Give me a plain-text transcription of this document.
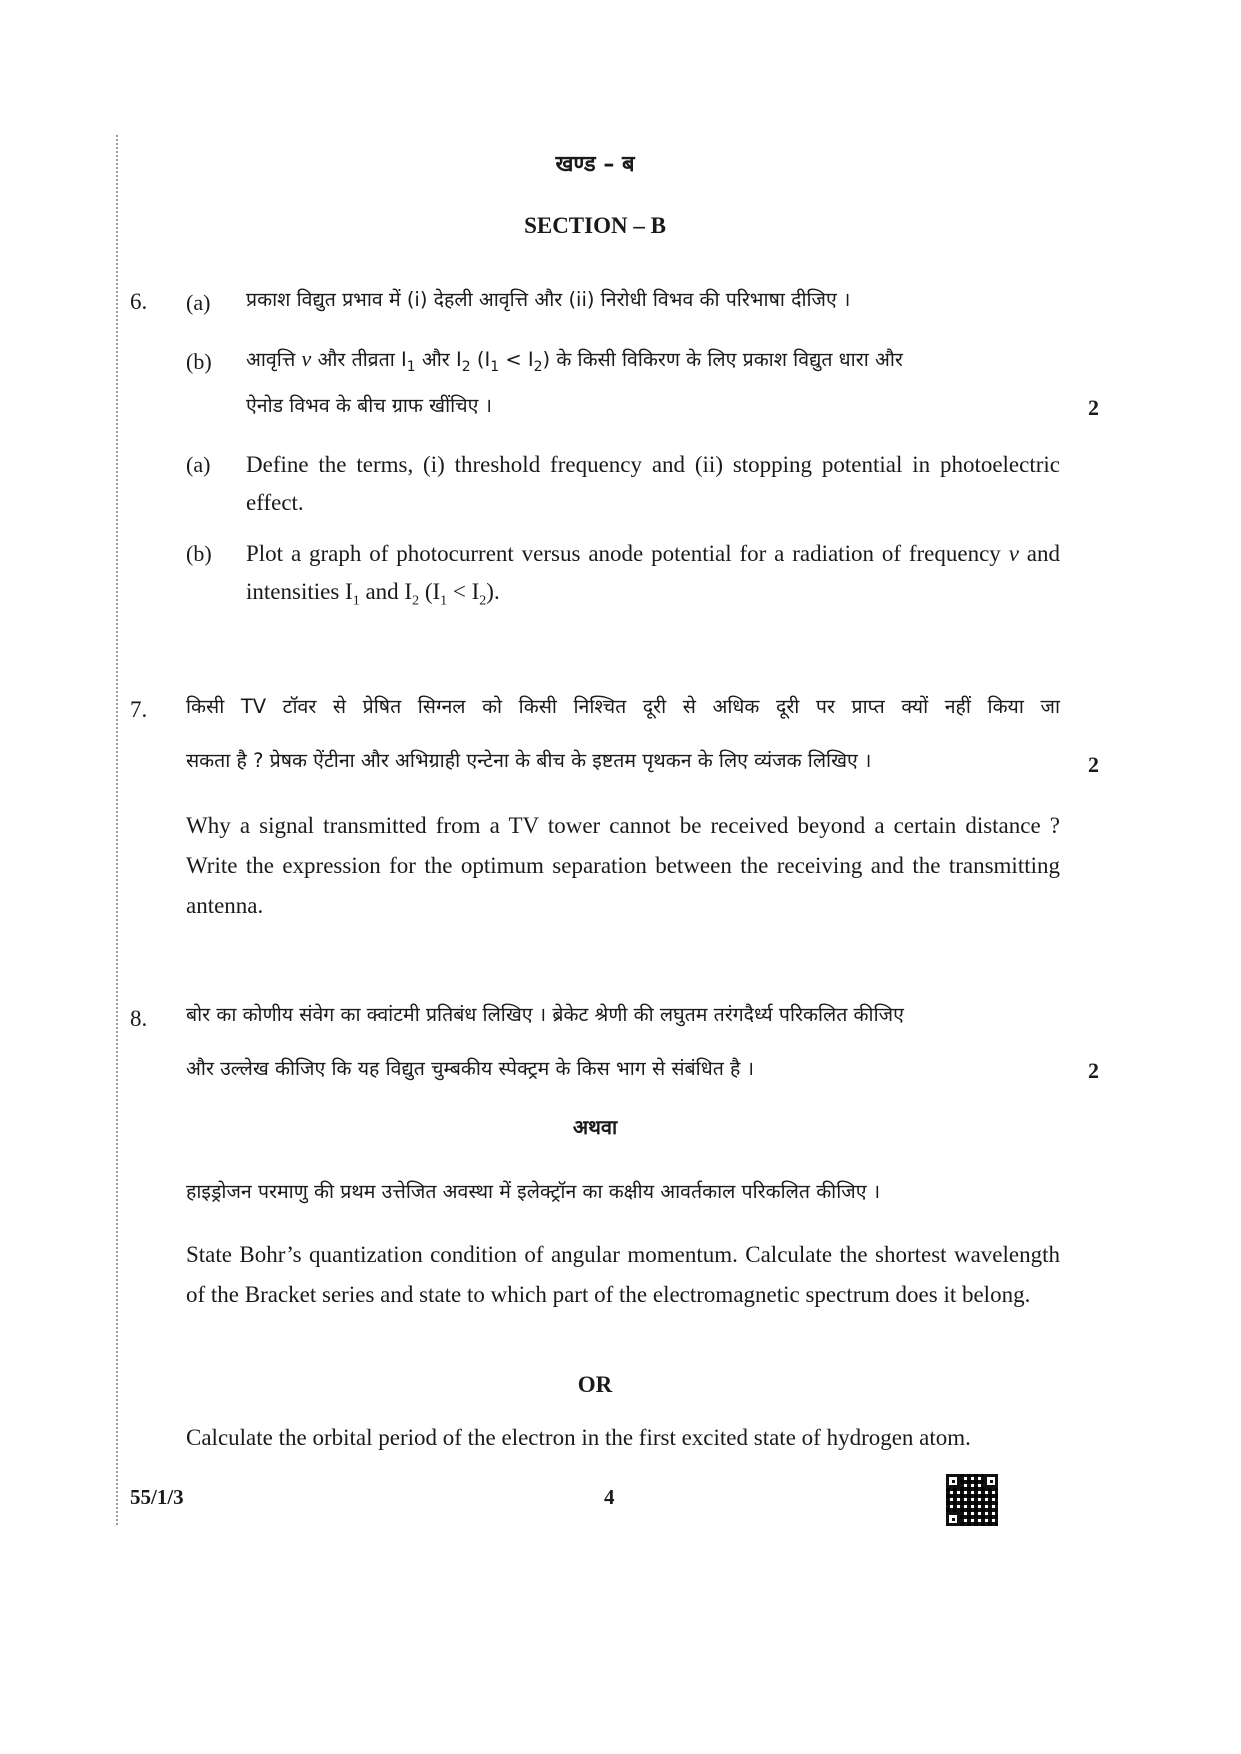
खण्ड – ब
SECTION – B
6. (a) प्रकाश विद्युत प्रभाव में (i) देहली आवृत्ति और (ii) निरोधी विभव की परिभाषा दीजिए ।
(b) आवृत्ति ν और तीव्रता $I_1$ और $I_2$ $(I_1 < I_2)$ के किसी विकिरण के लिए प्रकाश विद्युत धारा और
ऐनोड विभव के बीच ग्राफ खींचिए ।	2
(a) Define the terms, (i) threshold frequency and (ii) stopping potential in photoelectric effect.
(b) Plot a graph of photocurrent versus anode potential for a radiation of frequency ν and intensities $I_1$ and $I_2$ $(I_1 < I_2)$.
7. किसी TV टॉवर से प्रेषित सिग्नल को किसी निश्चित दूरी से अधिक दूरी पर प्राप्त क्यों नहीं किया जा
सकता है ? प्रेषक ऐंटीना और अभिग्राही एन्टेना के बीच के इष्टतम पृथकन के लिए व्यंजक लिखिए ।	2
Why a signal transmitted from a TV tower cannot be received beyond a certain distance ? Write the expression for the optimum separation between the receiving and the transmitting antenna.
8. बोर का कोणीय संवेग का क्वांटमी प्रतिबंध लिखिए । ब्रेकेट श्रेणी की लघुतम तरंगदैर्ध्य परिकलित कीजिए
और उल्लेख कीजिए कि यह विद्युत चुम्बकीय स्पेक्ट्रम के किस भाग से संबंधित है ।	2
अथवा
हाइड्रोजन परमाणु की प्रथम उत्तेजित अवस्था में इलेक्ट्रॉन का कक्षीय आवर्तकाल परिकलित कीजिए ।
State Bohr’s quantization condition of angular momentum. Calculate the shortest wavelength of the Bracket series and state to which part of the electromagnetic spectrum does it belong.
OR
Calculate the orbital period of the electron in the first excited state of hydrogen atom.
55/1/3	4
